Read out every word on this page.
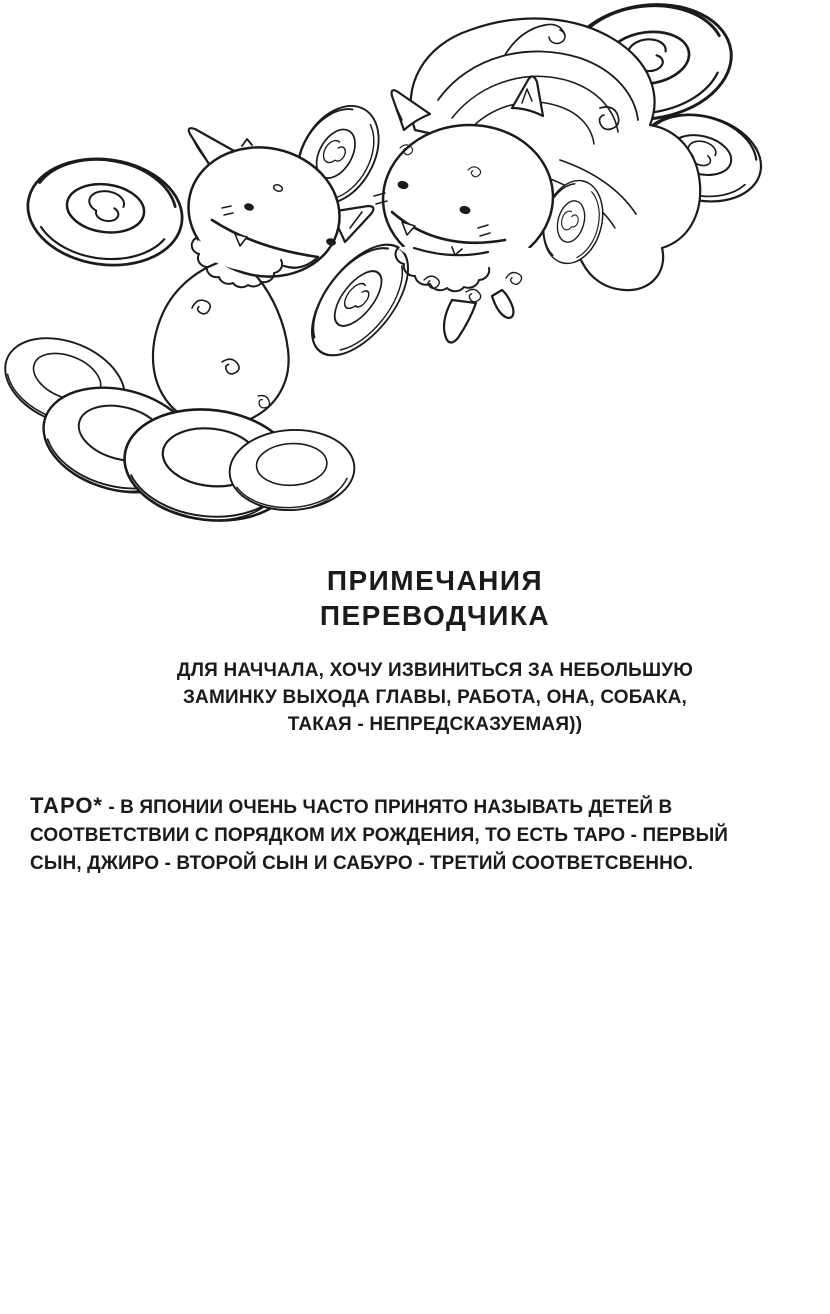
ПРИМЕЧАНИЯ
ПЕРЕВОДЧИКА
ДЛЯ НАЧЧАЛА, ХОЧУ ИЗВИНИТЬСЯ ЗА НЕБОЛЬШУЮ
ЗАМИНКУ ВЫХОДА ГЛАВЫ, РАБОТА, ОНА, СОБАКА,
ТАКАЯ - НЕПРЕДСКАЗУЕМАЯ))
ТАРО* - В ЯПОНИИ ОЧЕНЬ ЧАСТО ПРИНЯТО НАЗЫВАТЬ ДЕТЕЙ В
СООТВЕТСТВИИ С ПОРЯДКОМ ИХ РОЖДЕНИЯ, ТО ЕСТЬ ТАРО - ПЕРВЫЙ
СЫН, ДЖИРО - ВТОРОЙ СЫН И САБУРО - ТРЕТИЙ СООТВЕТСВЕННО.
